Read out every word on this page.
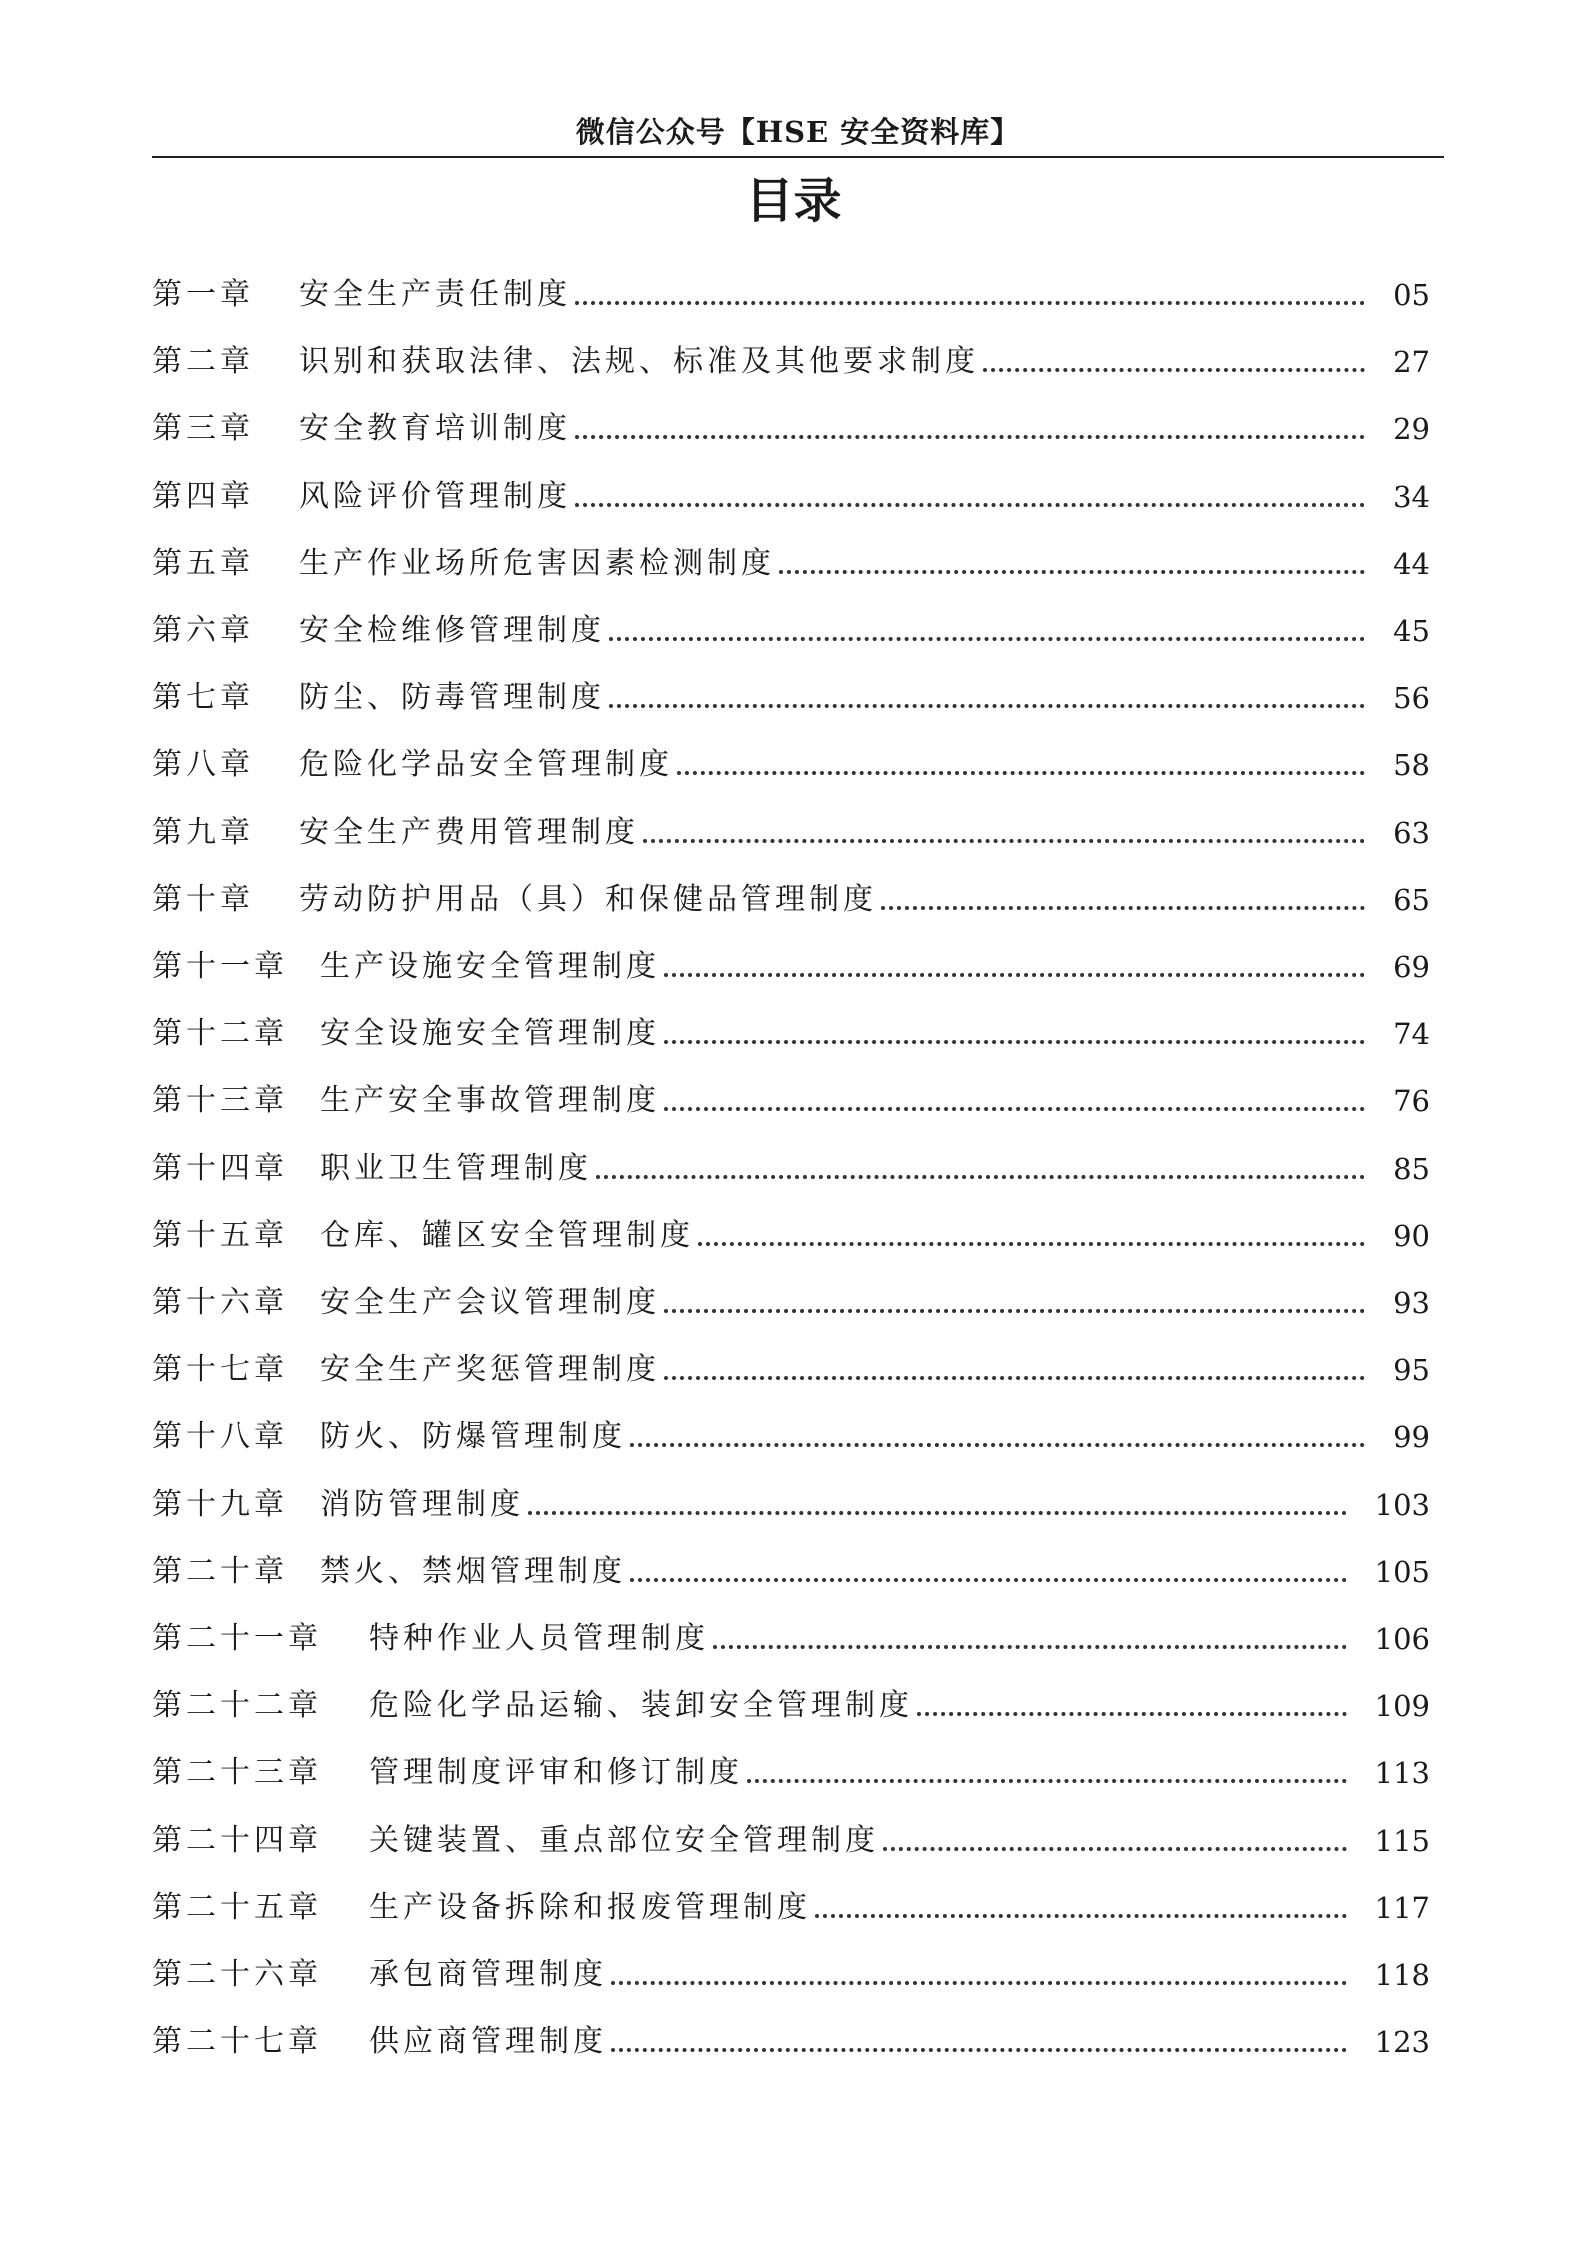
微信公众号【HSE 安全资料库】
目录
第一章 安全生产责任制度	05
第二章 识别和获取法律、法规、标准及其他要求制度	27
第三章 安全教育培训制度	29
第四章 风险评价管理制度	34
第五章 生产作业场所危害因素检测制度	44
第六章 安全检维修管理制度	45
第七章 防尘、防毒管理制度	56
第八章 危险化学品安全管理制度	58
第九章 安全生产费用管理制度	63
第十章 劳动防护用品（具）和保健品管理制度	65
第十一章 生产设施安全管理制度	69
第十二章 安全设施安全管理制度	74
第十三章 生产安全事故管理制度	76
第十四章 职业卫生管理制度	85
第十五章 仓库、罐区安全管理制度	90
第十六章 安全生产会议管理制度	93
第十七章 安全生产奖惩管理制度	95
第十八章 防火、防爆管理制度	99
第十九章 消防管理制度	103
第二十章 禁火、禁烟管理制度	105
第二十一章 特种作业人员管理制度	106
第二十二章 危险化学品运输、装卸安全管理制度	109
第二十三章 管理制度评审和修订制度	113
第二十四章 关键装置、重点部位安全管理制度	115
第二十五章 生产设备拆除和报废管理制度	117
第二十六章 承包商管理制度	118
第二十七章 供应商管理制度	123
